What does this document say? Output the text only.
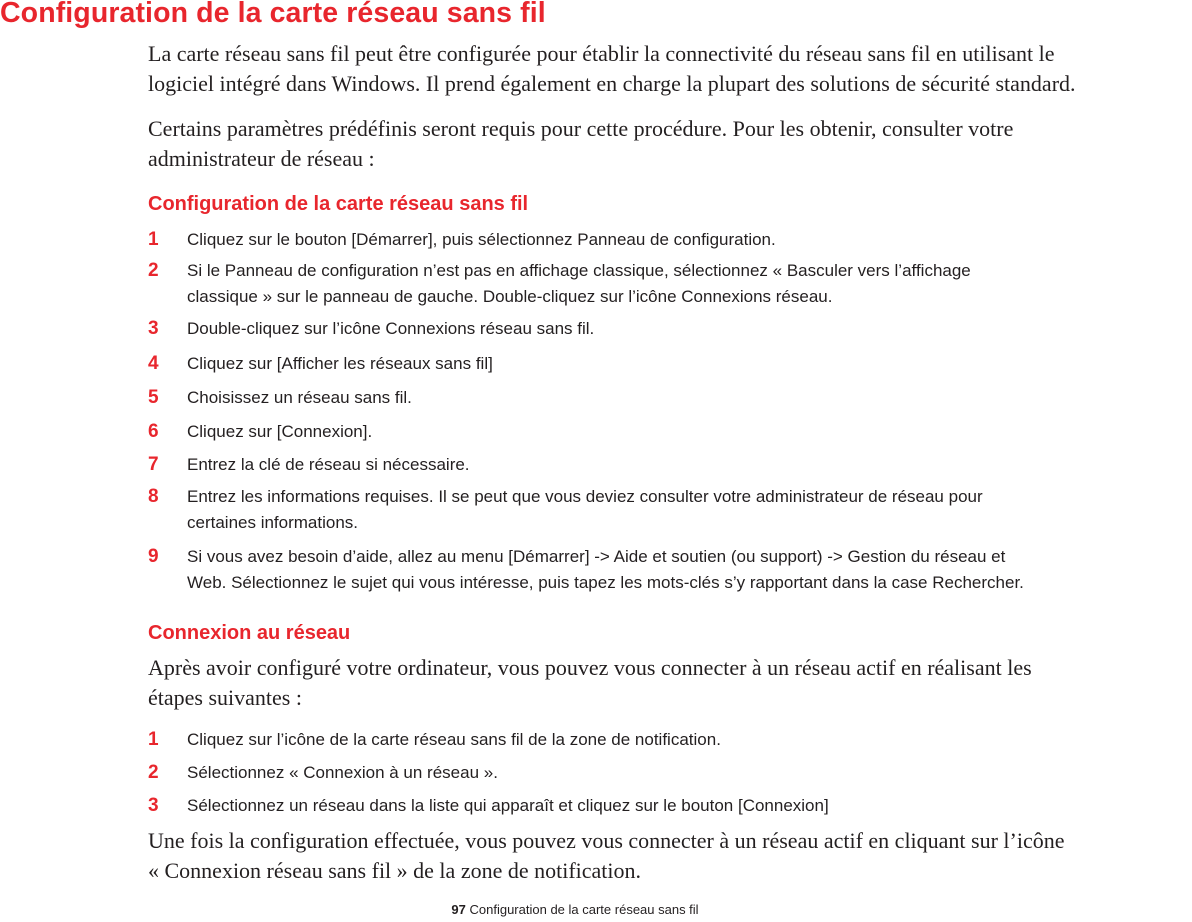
Configuration de la carte réseau sans fil
La carte réseau sans fil peut être configurée pour établir la connectivité du réseau sans fil en utilisant le
logiciel intégré dans Windows. Il prend également en charge la plupart des solutions de sécurité standard.
Certains paramètres prédéfinis seront requis pour cette procédure. Pour les obtenir, consulter votre
administrateur de réseau :
Configuration de la carte réseau sans fil
1 Cliquez sur le bouton [Démarrer], puis sélectionnez Panneau de configuration.
2 Si le Panneau de configuration n’est pas en affichage classique, sélectionnez « Basculer vers l’affichage
classique » sur le panneau de gauche. Double-cliquez sur l’icône Connexions réseau.
3 Double-cliquez sur l’icône Connexions réseau sans fil.
4 Cliquez sur [Afficher les réseaux sans fil]
5 Choisissez un réseau sans fil.
6 Cliquez sur [Connexion].
7 Entrez la clé de réseau si nécessaire.
8 Entrez les informations requises. Il se peut que vous deviez consulter votre administrateur de réseau pour
certaines informations.
9 Si vous avez besoin d’aide, allez au menu [Démarrer] -> Aide et soutien (ou support) -> Gestion du réseau et
Web. Sélectionnez le sujet qui vous intéresse, puis tapez les mots-clés s’y rapportant dans la case Rechercher.
Connexion au réseau
Après avoir configuré votre ordinateur, vous pouvez vous connecter à un réseau actif en réalisant les
étapes suivantes :
1 Cliquez sur l’icône de la carte réseau sans fil de la zone de notification.
2 Sélectionnez « Connexion à un réseau ».
3 Sélectionnez un réseau dans la liste qui apparaît et cliquez sur le bouton [Connexion]
Une fois la configuration effectuée, vous pouvez vous connecter à un réseau actif en cliquant sur l’icône
« Connexion réseau sans fil » de la zone de notification.
97 Configuration de la carte réseau sans fil
